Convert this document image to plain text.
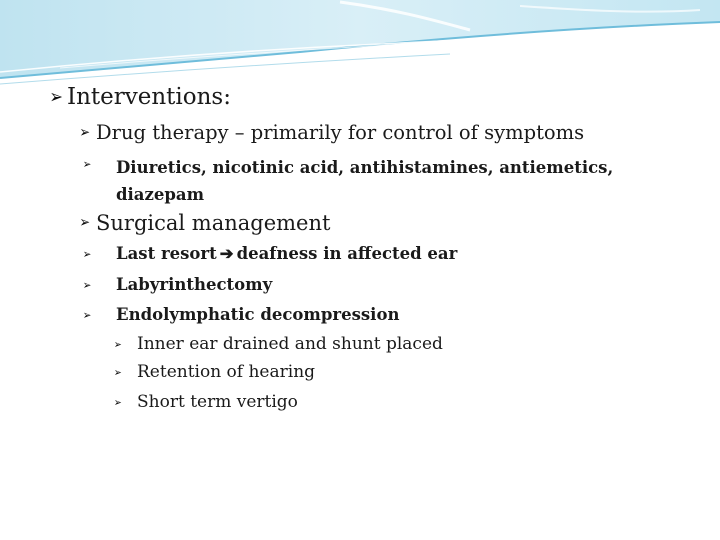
➢ Interventions:
➢ Drug therapy – primarily for control of symptoms
➢	Diuretics, nicotinic acid, antihistamines, antiemetics, diazepam
➢ Surgical management
➢	Last resort ➔ deafness in affected ear
➢	Labyrinthectomy
➢	Endolymphatic decompression
➢ Inner ear drained and shunt placed
➢ Retention of hearing
➢ Short term vertigo
